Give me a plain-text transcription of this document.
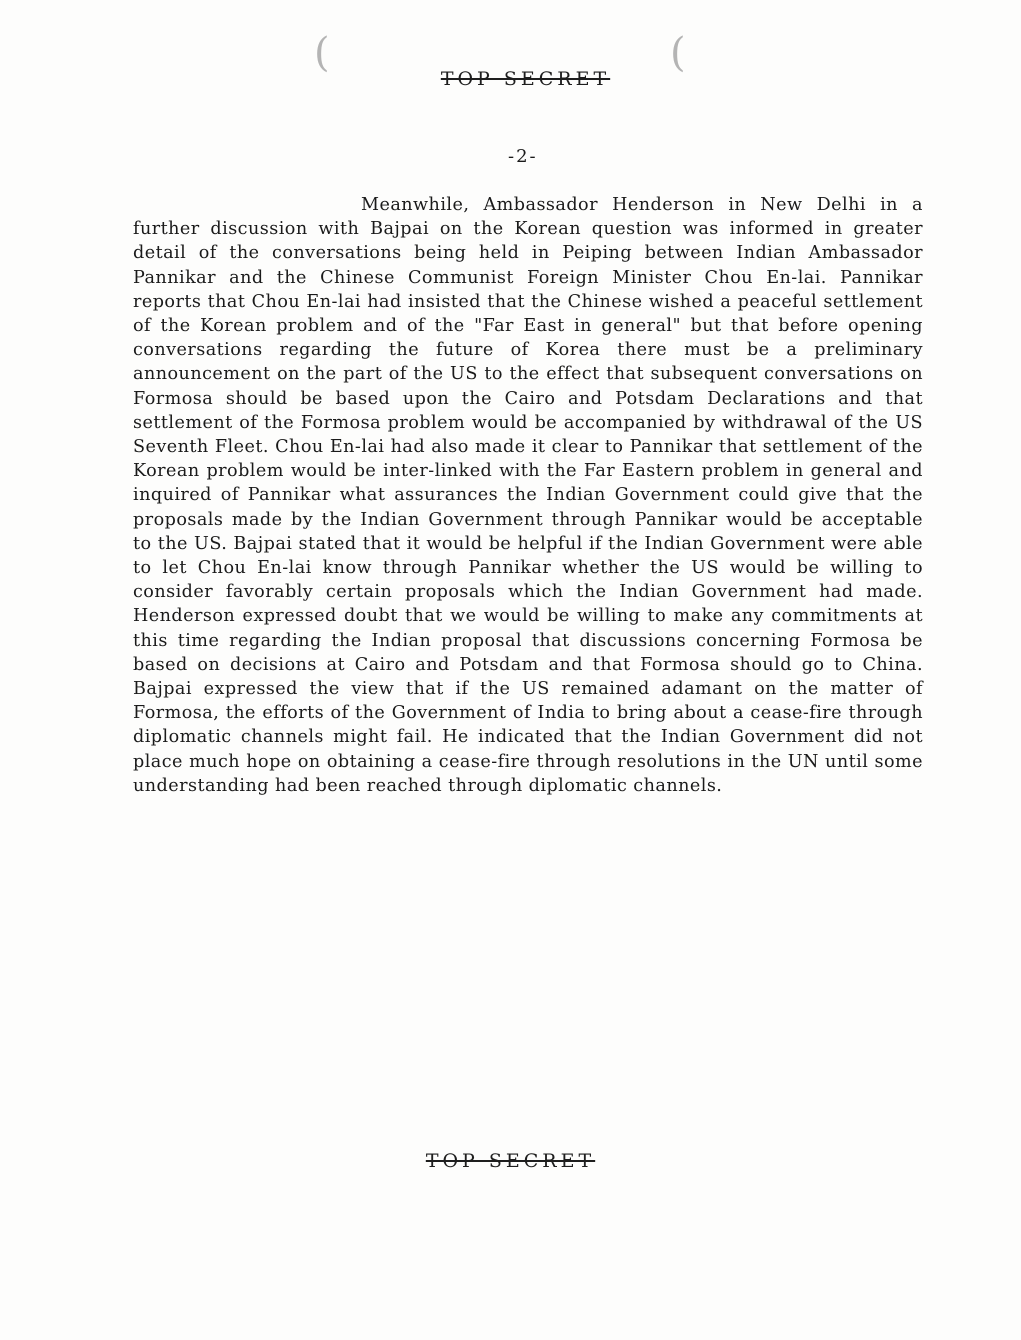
(	(
TOP SECRET
-2-

Meanwhile, Ambassador Henderson in New Delhi in a further discussion with Bajpai on the Korean question was informed in greater detail of the conversations being held in Peiping between Indian Ambassador Pannikar and the Chinese Communist Foreign Minister Chou En-lai. Pannikar reports that Chou En-lai had insisted that the Chinese wished a peaceful settlement of the Korean problem and of the "Far East in general" but that before opening conversations regarding the future of Korea there must be a preliminary announcement on the part of the US to the effect that subsequent conversations on Formosa should be based upon the Cairo and Potsdam Declarations and that settlement of the Formosa problem would be accompanied by withdrawal of the US Seventh Fleet. Chou En-lai had also made it clear to Pannikar that settlement of the Korean problem would be inter-linked with the Far Eastern problem in general and inquired of Pannikar what assurances the Indian Government could give that the proposals made by the Indian Government through Pannikar would be acceptable to the US. Bajpai stated that it would be helpful if the Indian Government were able to let Chou En-lai know through Pannikar whether the US would be willing to consider favorably certain proposals which the Indian Government had made. Henderson expressed doubt that we would be willing to make any commitments at this time regarding the Indian proposal that discussions concerning Formosa be based on decisions at Cairo and Potsdam and that Formosa should go to China. Bajpai expressed the view that if the US remained adamant on the matter of Formosa, the efforts of the Government of India to bring about a cease-fire through diplomatic channels might fail. He indicated that the Indian Government did not place much hope on obtaining a cease-fire through resolutions in the UN until some understanding had been reached through diplomatic channels.

TOP SECRET
